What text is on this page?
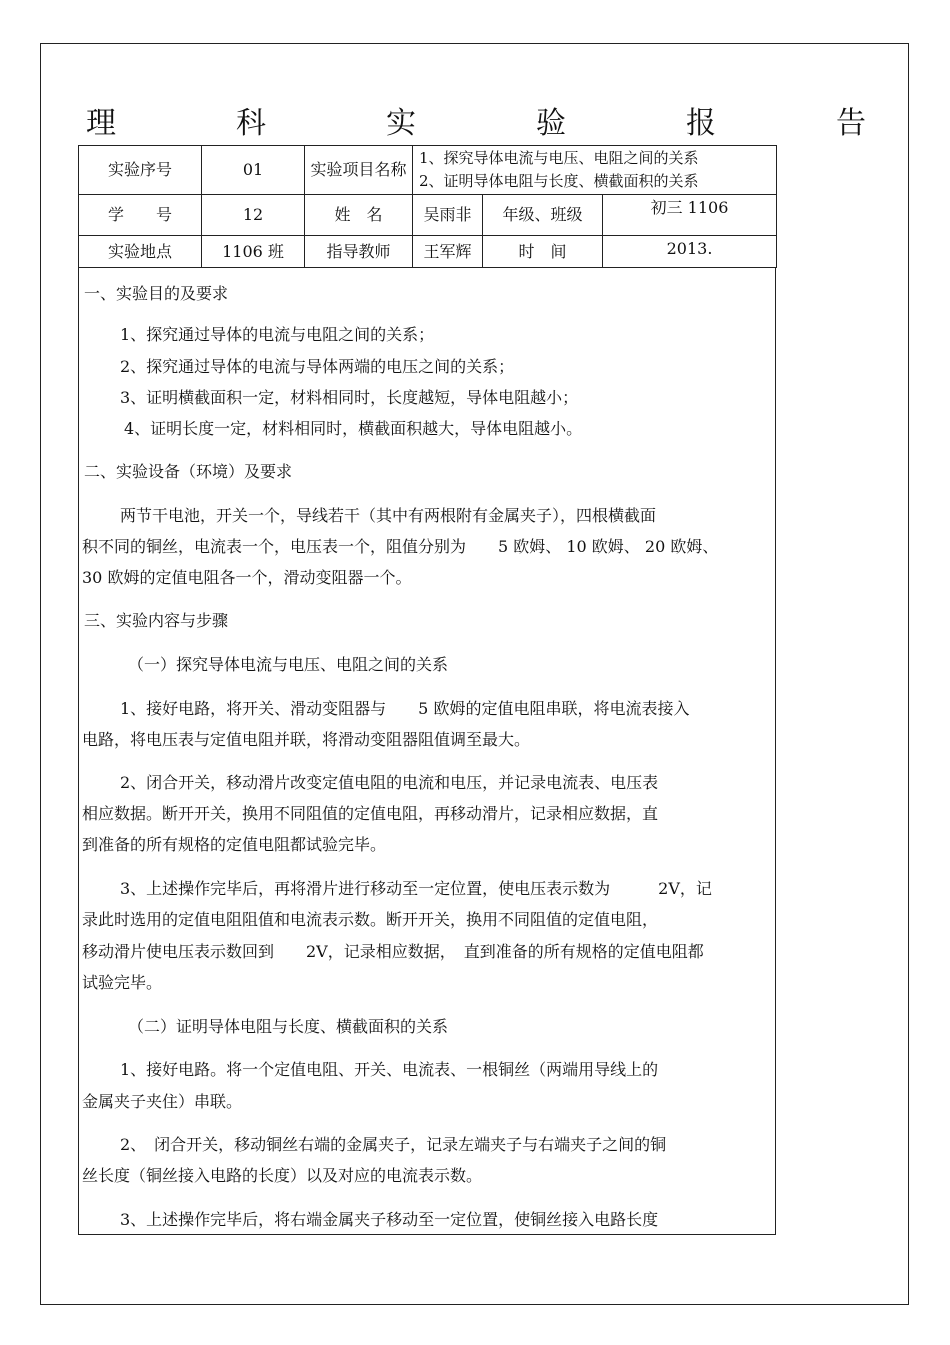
理	科	实	验	报	告
实验序号	01	实验项目名称	1、探究导体电流与电压、电阻之间的关系
2、证明导体电阻与长度、横截面积的关系		

学　　号	12	姓　名	吴雨非	年级、班级	初三 1106
实验地点	1106 班	指导教师	王军辉	时　间	2013.
一、实验目的及要求
1、探究通过导体的电流与电阻之间的关系；
2、探究通过导体的电流与导体两端的电压之间的关系；
3、证明横截面积一定，材料相同时，长度越短，导体电阻越小；
4、证明长度一定，材料相同时，横截面积越大，导体电阻越小。
二、实验设备（环境）及要求
两节干电池，开关一个，导线若干（其中有两根附有金属夹子），四根横截面
积不同的铜丝，电流表一个，电压表一个，阻值分别为　　5 欧姆、 10 欧姆、 20 欧姆、
30 欧姆的定值电阻各一个，滑动变阻器一个。
三、实验内容与步骤
（一）探究导体电流与电压、电阻之间的关系
1、接好电路，将开关、滑动变阻器与　　5 欧姆的定值电阻串联，将电流表接入
电路，将电压表与定值电阻并联，将滑动变阻器阻值调至最大。
2、闭合开关，移动滑片改变定值电阻的电流和电压，并记录电流表、电压表
相应数据。断开开关，换用不同阻值的定值电阻，再移动滑片，记录相应数据，直
到准备的所有规格的定值电阻都试验完毕。
3、上述操作完毕后，再将滑片进行移动至一定位置，使电压表示数为　　　2V，记
录此时选用的定值电阻阻值和电流表示数。断开开关，换用不同阻值的定值电阻，
移动滑片使电压表示数回到　　2V，记录相应数据，　直到准备的所有规格的定值电阻都
试验完毕。
（二）证明导体电阻与长度、横截面积的关系
1、接好电路。将一个定值电阻、开关、电流表、一根铜丝（两端用导线上的
金属夹子夹住）串联。
2、　闭合开关，移动铜丝右端的金属夹子，记录左端夹子与右端夹子之间的铜
丝长度（铜丝接入电路的长度）以及对应的电流表示数。
3、上述操作完毕后，将右端金属夹子移动至一定位置，使铜丝接入电路长度
